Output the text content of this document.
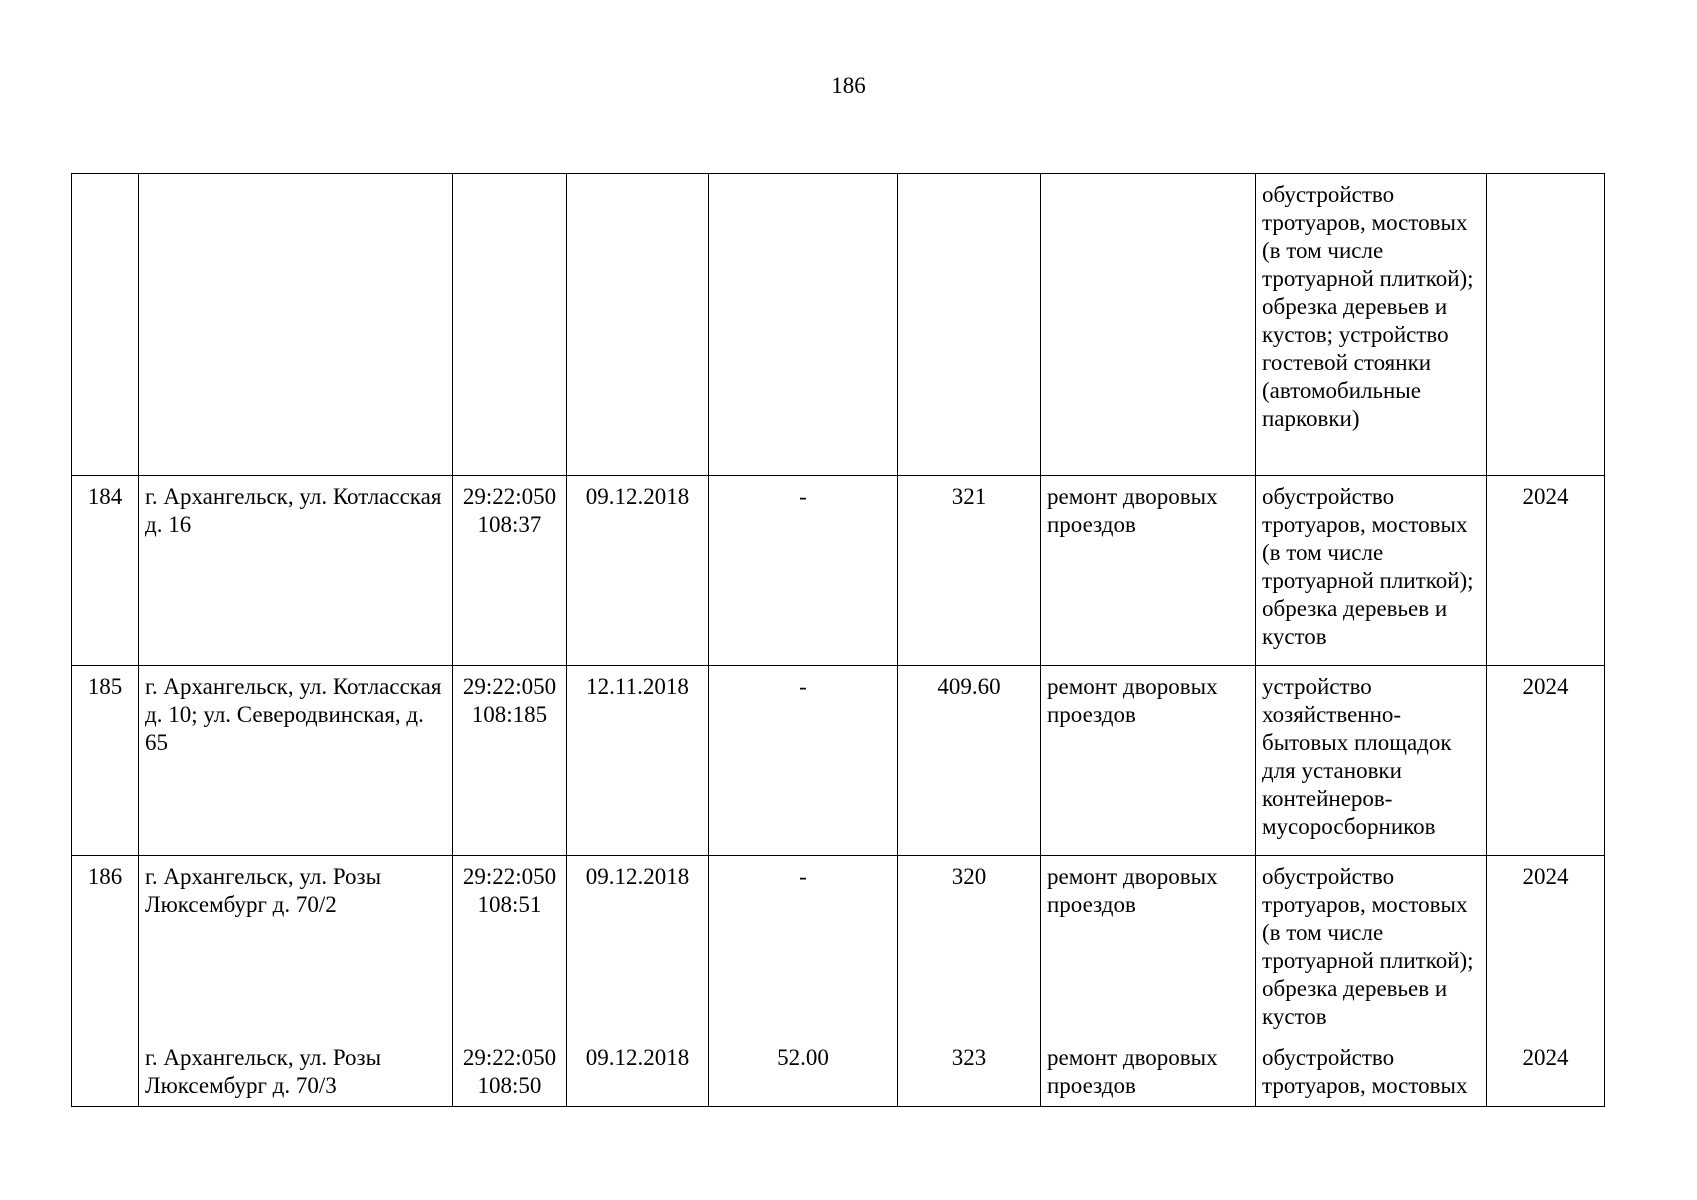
186
							обустройство тротуаров, мостовых (в том числе тротуарной плиткой); обрезка деревьев и кустов; устройство гостевой стоянки (автомобильные парковки)	
184	г. Архангельск, ул. Котласская д. 16	29:22:050 108:37	09.12.2018	-	321	ремонт дворовых проездов	обустройство тротуаров, мостовых (в том числе тротуарной плиткой); обрезка деревьев и кустов	2024
185	г. Архангельск, ул. Котласская д. 10; ул. Северодвинская, д. 65	29:22:050 108:185	12.11.2018	-	409.60	ремонт дворовых проездов	устройство хозяйственно-бытовых площадок для установки контейнеров-мусоросборников	2024
186	г. Архангельск, ул. Розы Люксембург д. 70/2	29:22:050 108:51	09.12.2018	-	320	ремонт дворовых проездов	обустройство тротуаров, мостовых (в том числе тротуарной плиткой); обрезка деревьев и кустов	2024
	г. Архангельск, ул. Розы Люксембург д. 70/3	29:22:050 108:50	09.12.2018	52.00	323	ремонт дворовых проездов	обустройство тротуаров, мостовых	2024
